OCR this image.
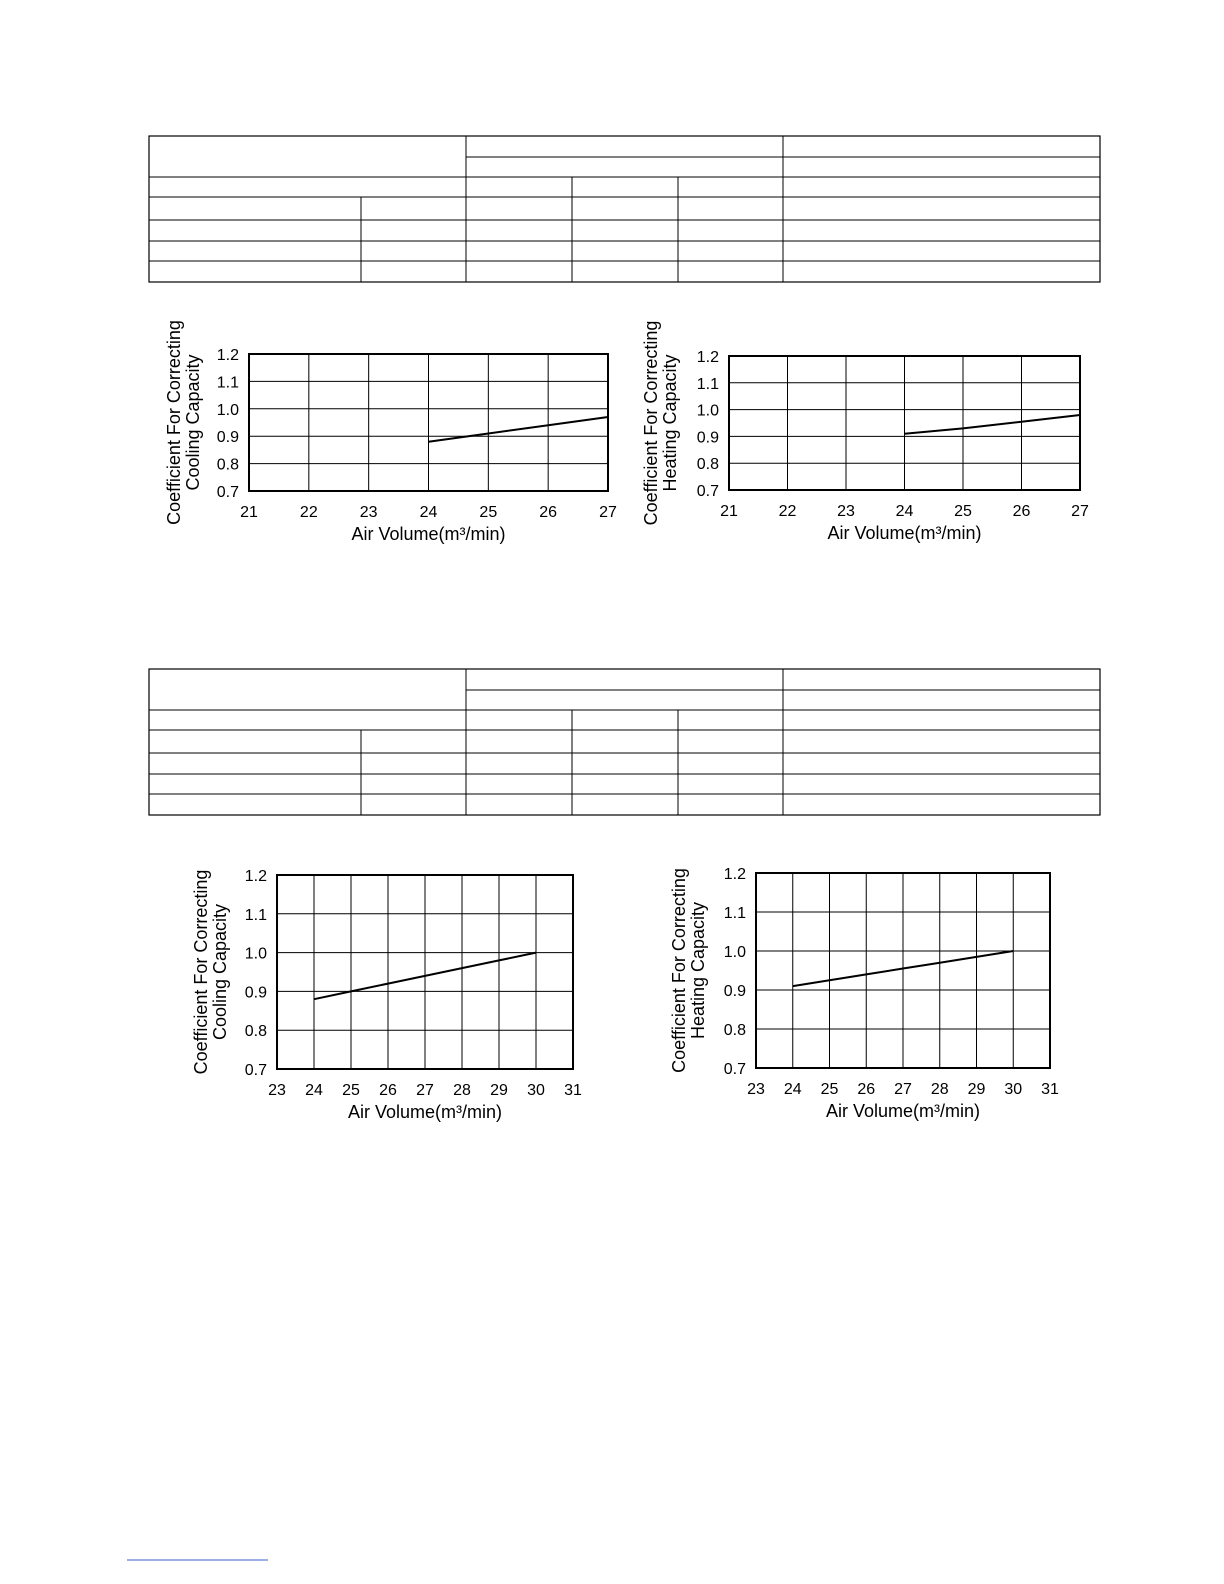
21	22	23	24	25	26	27
0.7
0.8
0.9
1.0
1.1
1.2
Air Volume(m³/min)
Coefficient For Correcting Cooling Capacity
21	22	23	24	25	26	27
0.7
0.8
0.9
1.0
1.1
1.2
Air Volume(m³/min)
Coefficient For Correcting Heating Capacity
23 24 25 26 27 28 29 30 31
0.7
0.8
0.9
1.0
1.1
1.2
Air Volume(m³/min)
Coefficient For Correcting Cooling Capacity
23 24 25 26 27 28 29 30 31
0.7
0.8
0.9
1.0
1.1
1.2
Air Volume(m³/min)
Coefficient For Correcting Heating Capacity
